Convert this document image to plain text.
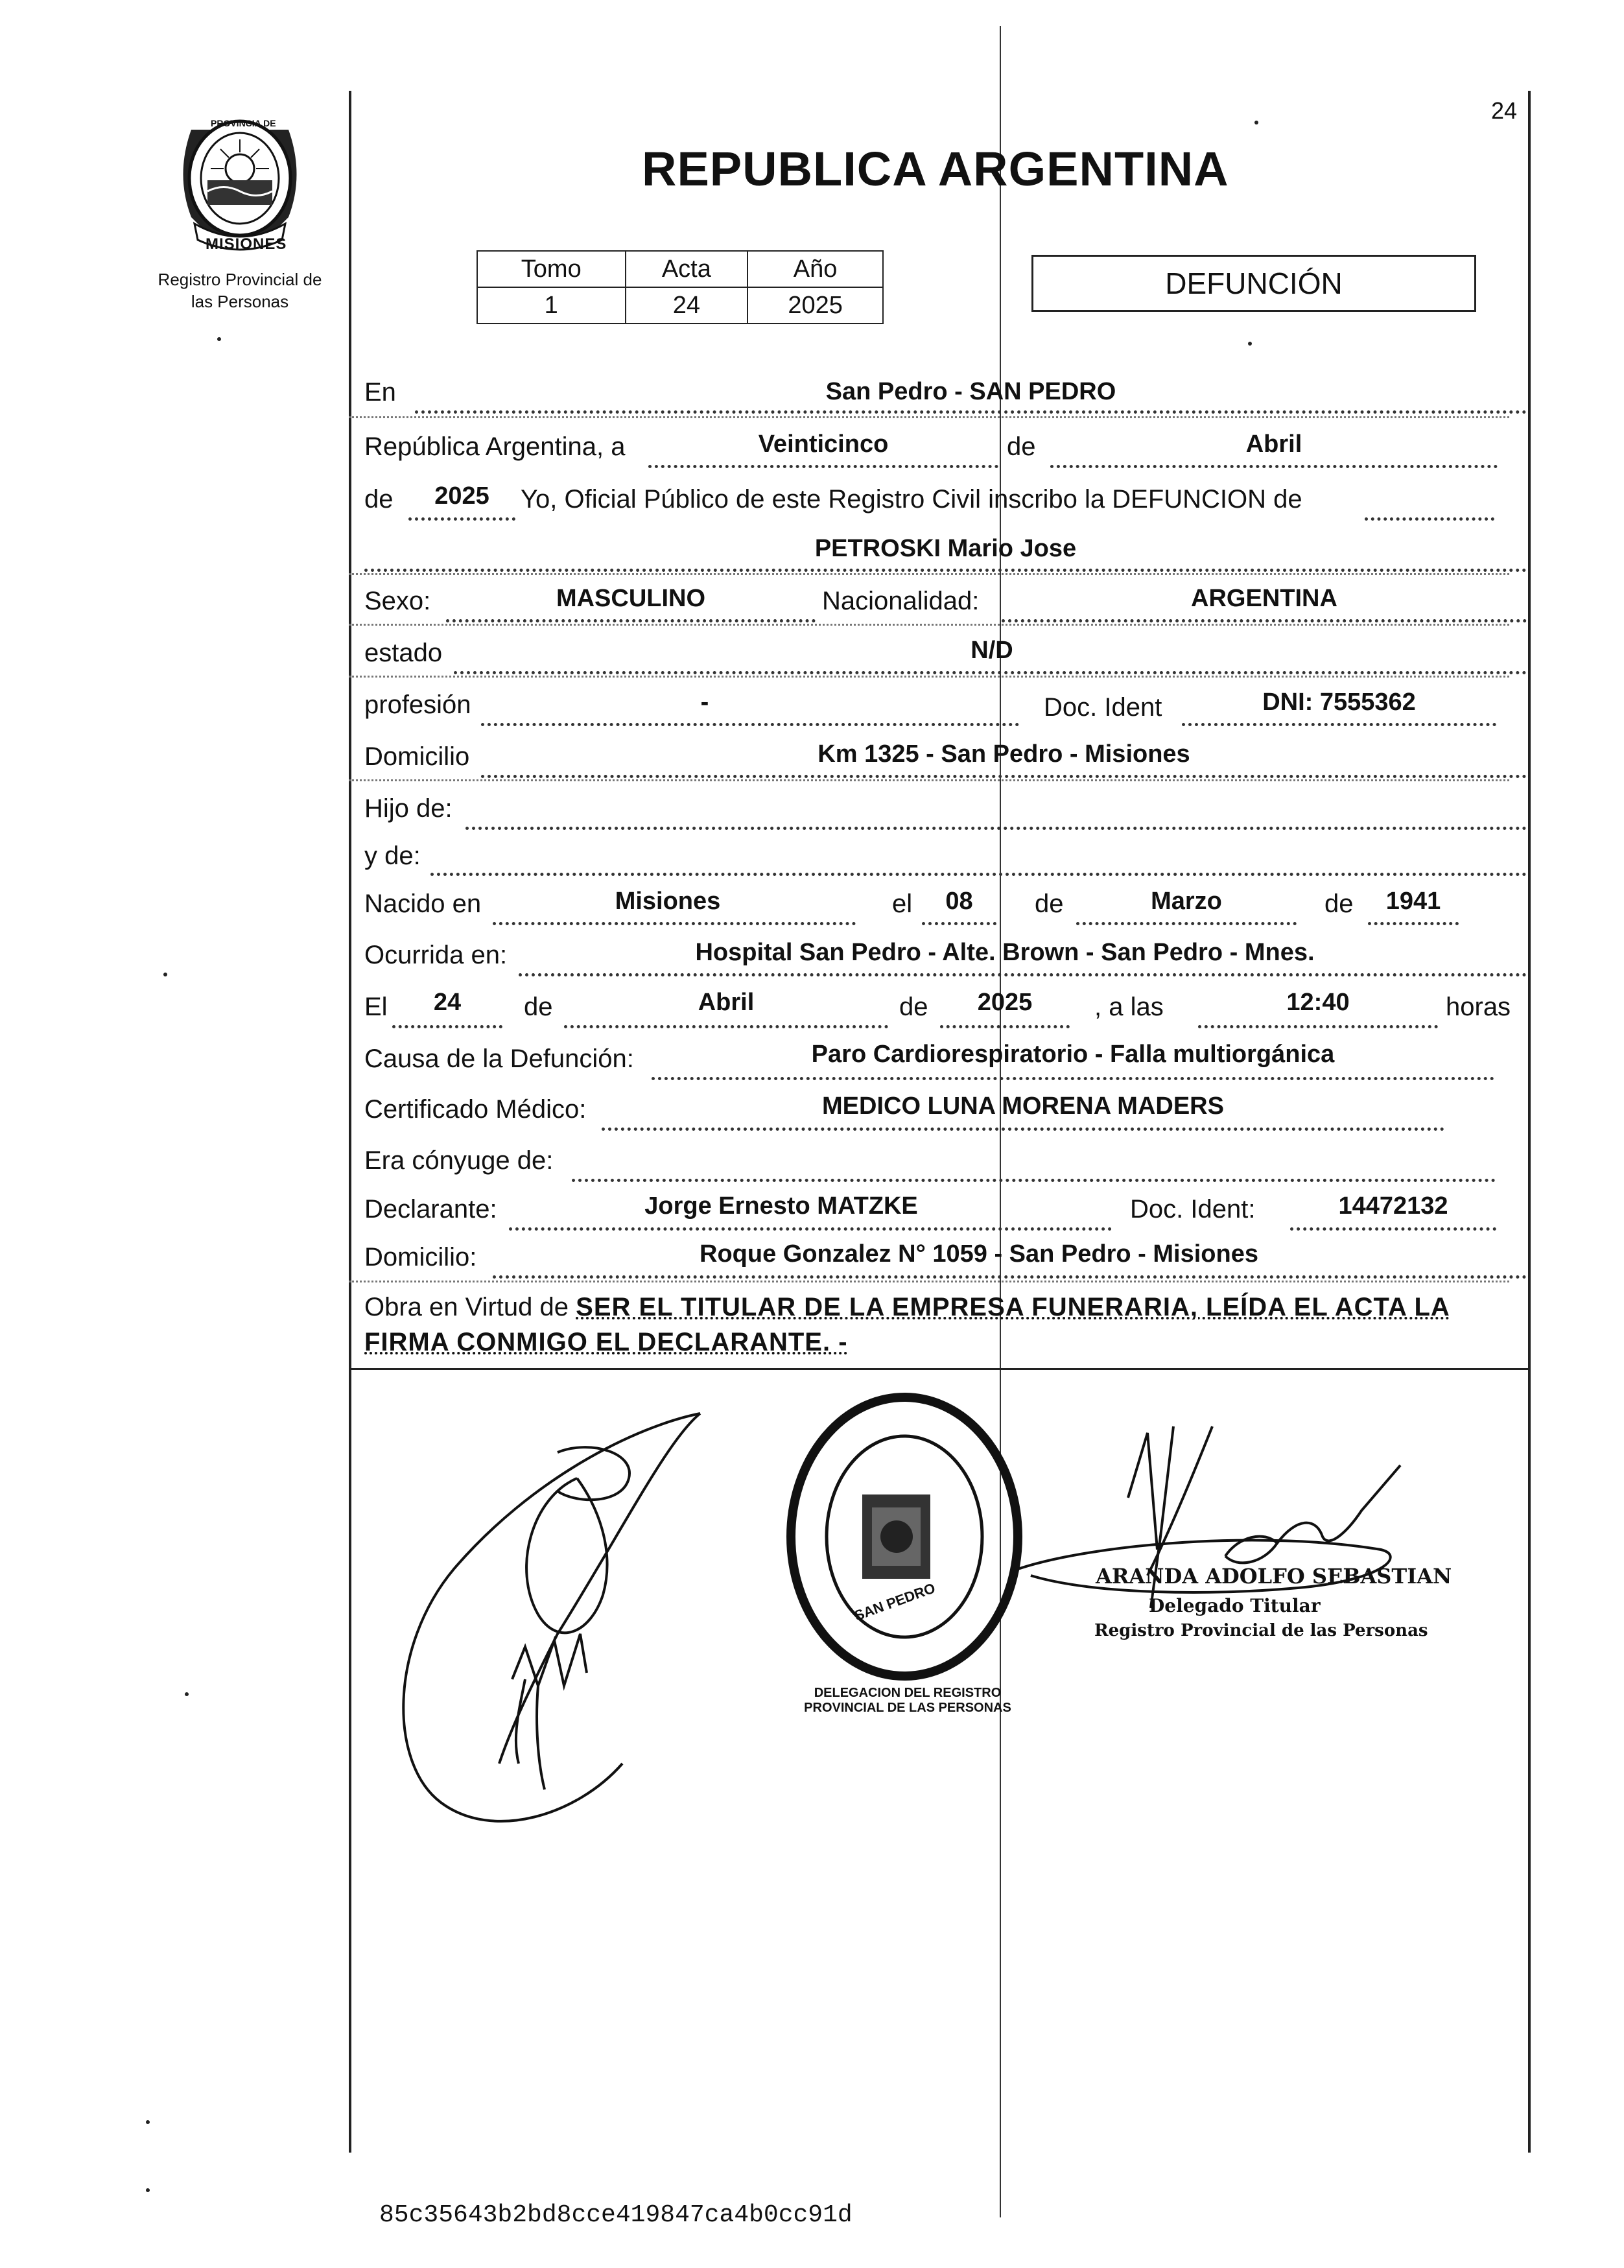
24
PROVINCIA DE
MISIONES
Registro Provincial de
las Personas
REPUBLICA ARGENTINA
Tomo	Acta	Año
1	24	2025
DEFUNCIÓN
En	San Pedro - SAN PEDRO
República Argentina, a	Veinticinco	de	Abril
de	2025	Yo, Oficial Público de este Registro Civil inscribo la DEFUNCION de
PETROSKI Mario Jose
Sexo:	MASCULINO	Nacionalidad:	ARGENTINA
estado	N/D
profesión	-	Doc. Ident	DNI: 7555362
Domicilio	Km 1325 - San Pedro - Misiones
Hijo de:
y de:
Nacido en	Misiones	el	08	de	Marzo	de	1941
Ocurrida en:	Hospital San Pedro - Alte. Brown - San Pedro - Mnes.
El	24	de	Abril	de	2025	, a las	12:40	horas
Causa de la Defunción:	Paro Cardiorespiratorio - Falla multiorgánica
Certificado Médico:	MEDICO LUNA MORENA MADERS
Era cónyuge de:
Declarante:	Jorge Ernesto MATZKE	Doc. Ident:	14472132
Domicilio:	Roque Gonzalez N° 1059 - San Pedro - Misiones
Obra en Virtud de SER EL TITULAR DE LA EMPRESA FUNERARIA, LEÍDA EL ACTA LA
FIRMA CONMIGO EL DECLARANTE. -
SAN PEDRO
DELEGACION DEL REGISTRO PROVINCIAL DE LAS PERSONAS
ARANDA ADOLFO SEBASTIAN
Delegado Titular
Registro Provincial de las Personas
85c35643b2bd8cce419847ca4b0cc91d
